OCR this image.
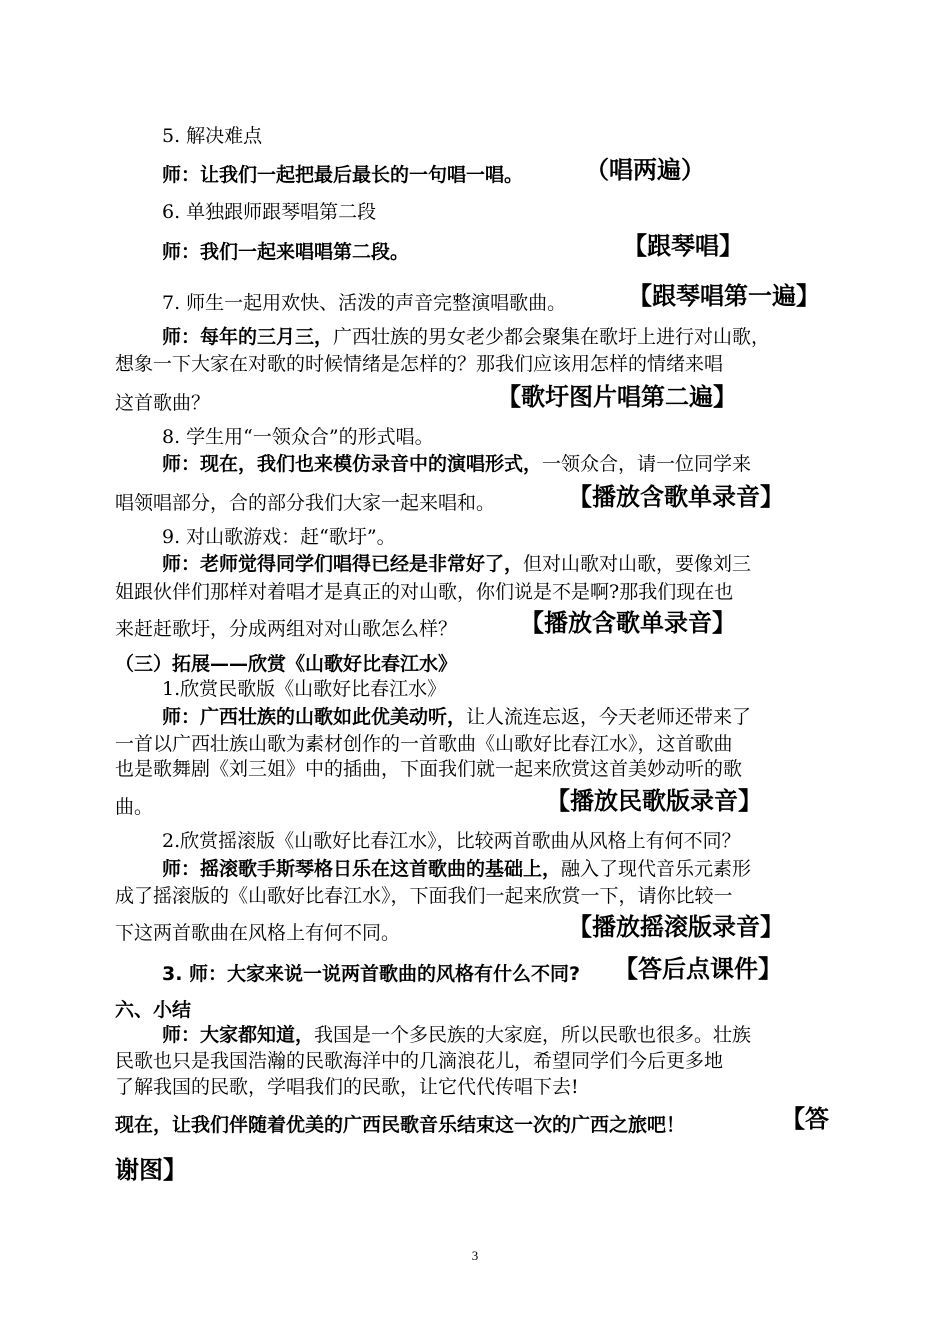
5. 解决难点
师：让我们一起把最后最长的一句唱一唱。	（唱两遍）
6. 单独跟师跟琴唱第二段
师：我们一起来唱唱第二段。	【跟琴唱】
7. 师生一起用欢快、活泼的声音完整演唱歌曲。	【跟琴唱第一遍】
师：每年的三月三，广西壮族的男女老少都会聚集在歌圩上进行对山歌，
想象一下大家在对歌的时候情绪是怎样的？那我们应该用怎样的情绪来唱
这首歌曲？	【歌圩图片唱第二遍】
8. 学生用“一领众合”的形式唱。
师：现在，我们也来模仿录音中的演唱形式，一领众合，请一位同学来
唱领唱部分，合的部分我们大家一起来唱和。	【播放含歌单录音】
9. 对山歌游戏：赶“歌圩”。
师：老师觉得同学们唱得已经是非常好了，但对山歌对山歌，要像刘三
姐跟伙伴们那样对着唱才是真正的对山歌，你们说是不是啊?那我们现在也
来赶赶歌圩，分成两组对对山歌怎么样？	【播放含歌单录音】
（三）拓展——欣赏《山歌好比春江水》
1.欣赏民歌版《山歌好比春江水》
师：广西壮族的山歌如此优美动听，让人流连忘返，今天老师还带来了
一首以广西壮族山歌为素材创作的一首歌曲《山歌好比春江水》，这首歌曲
也是歌舞剧《刘三姐》中的插曲，下面我们就一起来欣赏这首美妙动听的歌
曲。	【播放民歌版录音】
2.欣赏摇滚版《山歌好比春江水》，比较两首歌曲从风格上有何不同？
师：摇滚歌手斯琴格日乐在这首歌曲的基础上，融入了现代音乐元素形
成了摇滚版的《山歌好比春江水》，下面我们一起来欣赏一下，请你比较一
下这两首歌曲在风格上有何不同。	【播放摇滚版录音】
3. 师：大家来说一说两首歌曲的风格有什么不同? 【答后点课件】
六、小结
师：大家都知道，我国是一个多民族的大家庭，所以民歌也很多。壮族
民歌也只是我国浩瀚的民歌海洋中的几滴浪花儿，希望同学们今后更多地
了解我国的民歌，学唱我们的民歌，让它代代传唱下去!
现在，让我们伴随着优美的广西民歌音乐结束这一次的广西之旅吧！	【答
谢图】
3
